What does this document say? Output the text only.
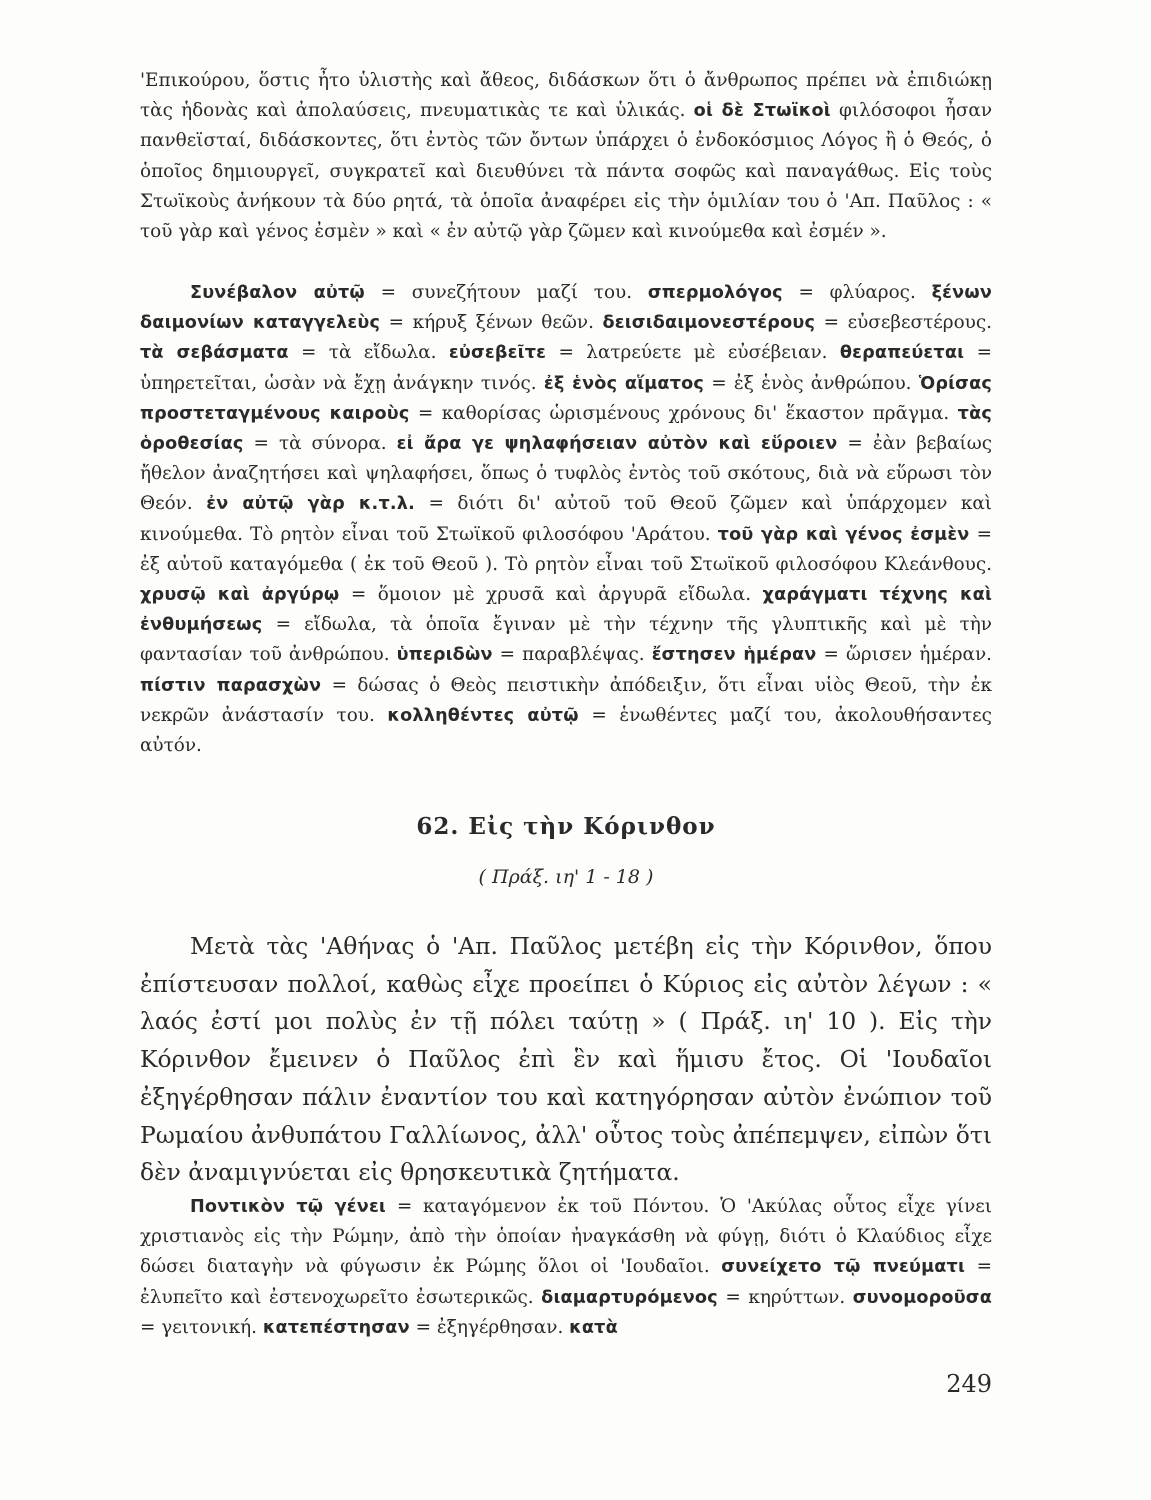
'Επικούρου, ὅστις ἦτο ὑλιστὴς καὶ ἄθεος, διδάσκων ὅτι ὁ ἄνθρωπος πρέπει νὰ ἐπιδιώκῃ τὰς ἡδονὰς καὶ ἀπολαύσεις, πνευματικὰς τε καὶ ὑλικάς. οἱ δὲ Στωϊκοὶ φιλόσοφοι ἦσαν πανθεϊσταί, διδάσκοντες, ὅτι ἐντὸς τῶν ὄντων ὑπάρχει ὁ ἐνδοκόσμιος Λόγος ἢ ὁ Θεός, ὁ ὁποῖος δημιουργεῖ, συγκρατεῖ καὶ διευθύνει τὰ πάντα σοφῶς καὶ παναγάθως. Εἰς τοὺς Στωϊκοὺς ἀνήκουν τὰ δύο ρητά, τὰ ὁποῖα ἀναφέρει εἰς τὴν ὁμιλίαν του ὁ 'Απ. Παῦλος : « τοῦ γὰρ καὶ γένος ἐσμὲν » καὶ « ἐν αὐτῷ γὰρ ζῶμεν καὶ κινούμεθα καὶ ἐσμέν ».

Συνέβαλον αὐτῷ = συνεζήτουν μαζί του. σπερμολόγος = φλύαρος. ξένων δαιμονίων καταγγελεὺς = κήρυξ ξένων θεῶν. δεισιδαιμονεστέρους = εὐσεβεστέρους. τὰ σεβάσματα = τὰ εἴδωλα. εὐσεβεῖτε = λατρεύετε μὲ εὐσέβειαν. θεραπεύεται = ὑπηρετεῖται, ὡσὰν νὰ ἔχῃ ἀνάγκην τινός. ἐξ ἑνὸς αἵματος = ἐξ ἑνὸς ἀνθρώπου. Ὁρίσας προστεταγμένους καιροὺς = καθορίσας ὡρισμένους χρόνους δι' ἕκαστον πρᾶγμα. τὰς ὁροθεσίας = τὰ σύνορα. εἰ ἄρα γε ψηλαφήσειαν αὐτὸν καὶ εὕροιεν = ἐὰν βεβαίως ἤθελον ἀναζητήσει καὶ ψηλαφήσει, ὅπως ὁ τυφλὸς ἐντὸς τοῦ σκότους, διὰ νὰ εὕρωσι τὸν Θεόν. ἐν αὐτῷ γὰρ κ.τ.λ. = διότι δι' αὐτοῦ τοῦ Θεοῦ ζῶμεν καὶ ὑπάρχομεν καὶ κινούμεθα. Τὸ ρητὸν εἶναι τοῦ Στωϊκοῦ φιλοσόφου 'Αράτου. τοῦ γὰρ καὶ γένος ἐσμὲν = ἐξ αὐτοῦ καταγόμεθα ( ἐκ τοῦ Θεοῦ ). Τὸ ρητὸν εἶναι τοῦ Στωϊκοῦ φιλοσόφου Κλεάνθους. χρυσῷ καὶ ἀργύρῳ = ὅμοιον μὲ χρυσᾶ καὶ ἀργυρᾶ εἴδωλα. χαράγματι τέχνης καὶ ἐνθυμήσεως = εἴδωλα, τὰ ὁποῖα ἔγιναν μὲ τὴν τέχνην τῆς γλυπτικῆς καὶ μὲ τὴν φαντασίαν τοῦ ἀνθρώπου. ὑπεριδὼν = παραβλέψας. ἔστησεν ἡμέραν = ὥρισεν ἡμέραν. πίστιν παρασχὼν = δώσας ὁ Θεὸς πειστικὴν ἀπόδειξιν, ὅτι εἶναι υἱὸς Θεοῦ, τὴν ἐκ νεκρῶν ἀνάστασίν του. κολληθέντες αὐτῷ = ἑνωθέντες μαζί του, ἀκολουθήσαντες αὐτόν.

62. Εἰς τὴν Κόρινθον

( Πράξ. ιη' 1 - 18 )

Μετὰ τὰς 'Αθήνας ὁ 'Απ. Παῦλος μετέβη εἰς τὴν Κόρινθον, ὅπου ἐπίστευσαν πολλοί, καθὼς εἶχε προείπει ὁ Κύριος εἰς αὐτὸν λέγων : « λαός ἐστί μοι πολὺς ἐν τῇ πόλει ταύτῃ » ( Πράξ. ιη' 10 ). Εἰς τὴν Κόρινθον ἔμεινεν ὁ Παῦλος ἐπὶ ἓν καὶ ἥμισυ ἔτος. Οἱ 'Ιουδαῖοι ἐξηγέρθησαν πάλιν ἐναντίον του καὶ κατηγόρησαν αὐτὸν ἐνώπιον τοῦ Ρωμαίου ἀνθυπάτου Γαλλίωνος, ἀλλ' οὗτος τοὺς ἀπέπεμψεν, εἰπὼν ὅτι δὲν ἀναμιγνύεται εἰς θρησκευτικὰ ζητήματα.

Ποντικὸν τῷ γένει = καταγόμενον ἐκ τοῦ Πόντου. Ὁ 'Ακύλας οὗτος εἶχε γίνει χριστιανὸς εἰς τὴν Ρώμην, ἀπὸ τὴν ὁποίαν ἠναγκάσθη νὰ φύγῃ, διότι ὁ Κλαύδιος εἶχε δώσει διαταγὴν νὰ φύγωσιν ἐκ Ρώμης ὅλοι οἱ 'Ιουδαῖοι. συνείχετο τῷ πνεύματι = ἐλυπεῖτο καὶ ἐστενοχωρεῖτο ἐσωτερικῶς. διαμαρτυρόμενος = κηρύττων. συνομοροῦσα = γειτονική. κατεπέστησαν = ἐξηγέρθησαν. κατὰ

249
